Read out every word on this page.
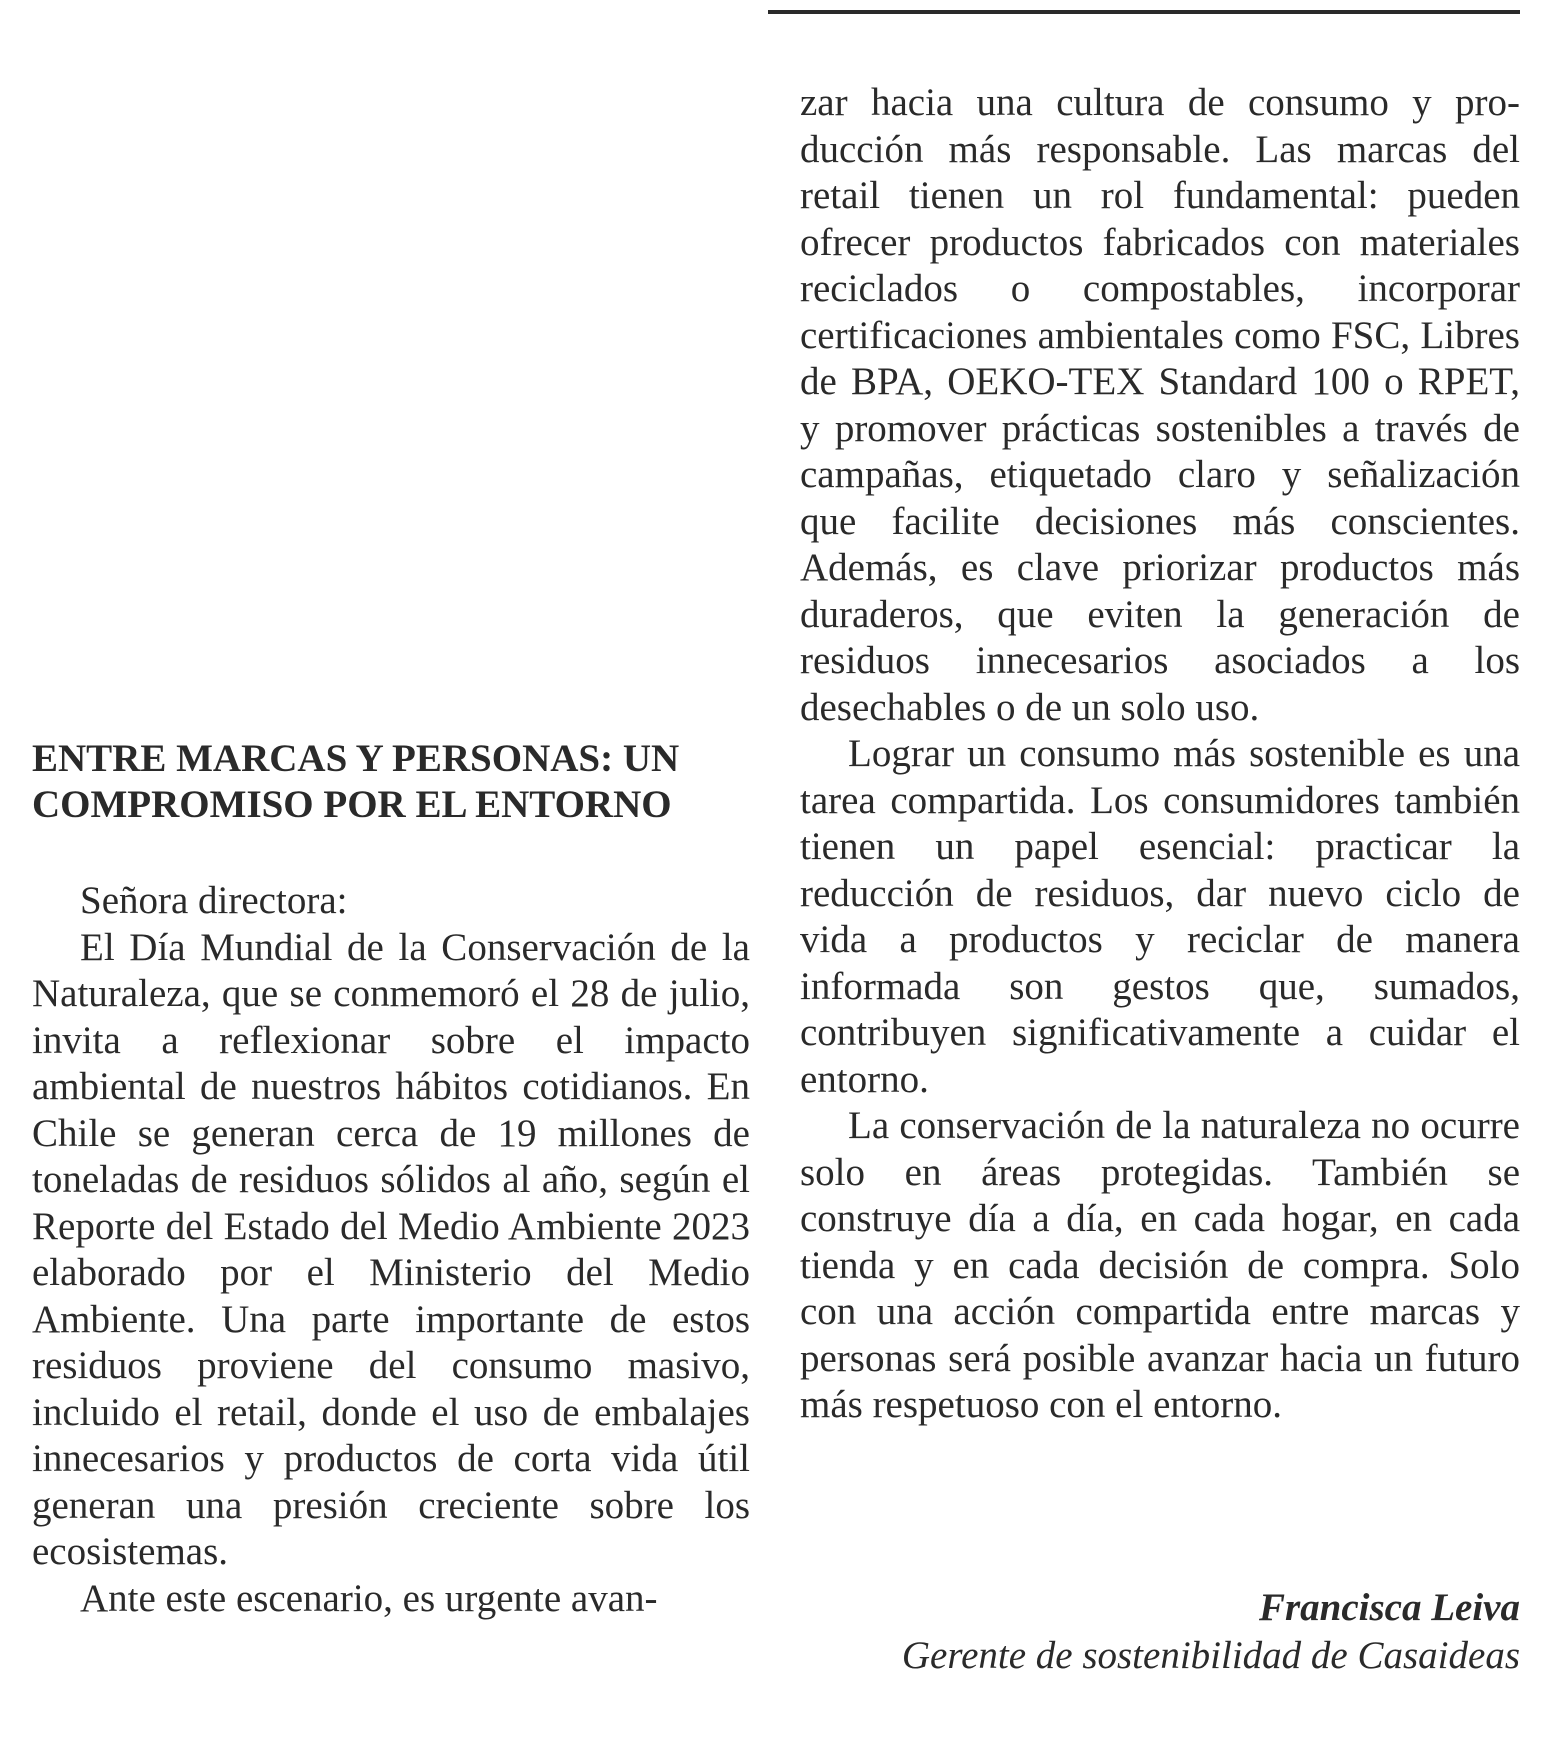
ENTRE MARCAS Y PERSONAS: UN COMPROMISO POR EL ENTORNO

Señora directora:

El Día Mundial de la Conservación de la Naturaleza, que se conmemoró el 28 de julio, invita a reflexionar sobre el impacto ambiental de nuestros hábitos cotidianos. En Chile se generan cerca de 19 millones de toneladas de residuos sólidos al año, según el Reporte del Estado del Medio Ambiente 2023 elaborado por el Ministerio del Medio Ambiente. Una parte importante de estos residuos proviene del consumo masivo, incluido el retail, donde el uso de embalajes innecesarios y productos de corta vida útil generan una presión creciente sobre los ecosistemas.

Ante este escenario, es urgente avan-

zar hacia una cultura de consumo y producción más responsable. Las marcas del retail tienen un rol fundamental: pueden ofrecer productos fabricados con materiales reciclados o compostables, incorporar certificaciones ambientales como FSC, Libres de BPA, OEKO-TEX Standard 100 o RPET, y promover prácticas sostenibles a través de campañas, etiquetado claro y señalización que facilite decisiones más conscientes. Además, es clave priorizar productos más duraderos, que eviten la generación de residuos innecesarios asociados a los desechables o de un solo uso.

Lograr un consumo más sostenible es una tarea compartida. Los consumidores también tienen un papel esencial: practicar la reducción de residuos, dar nuevo ciclo de vida a productos y reciclar de manera informada son gestos que, sumados, contribuyen significativamente a cuidar el entorno.

La conservación de la naturaleza no ocurre solo en áreas protegidas. También se construye día a día, en cada hogar, en cada tienda y en cada decisión de compra. Solo con una acción compartida entre marcas y personas será posible avanzar hacia un futuro más respetuoso con el entorno.

Francisca Leiva
Gerente de sostenibilidad de Casaideas
